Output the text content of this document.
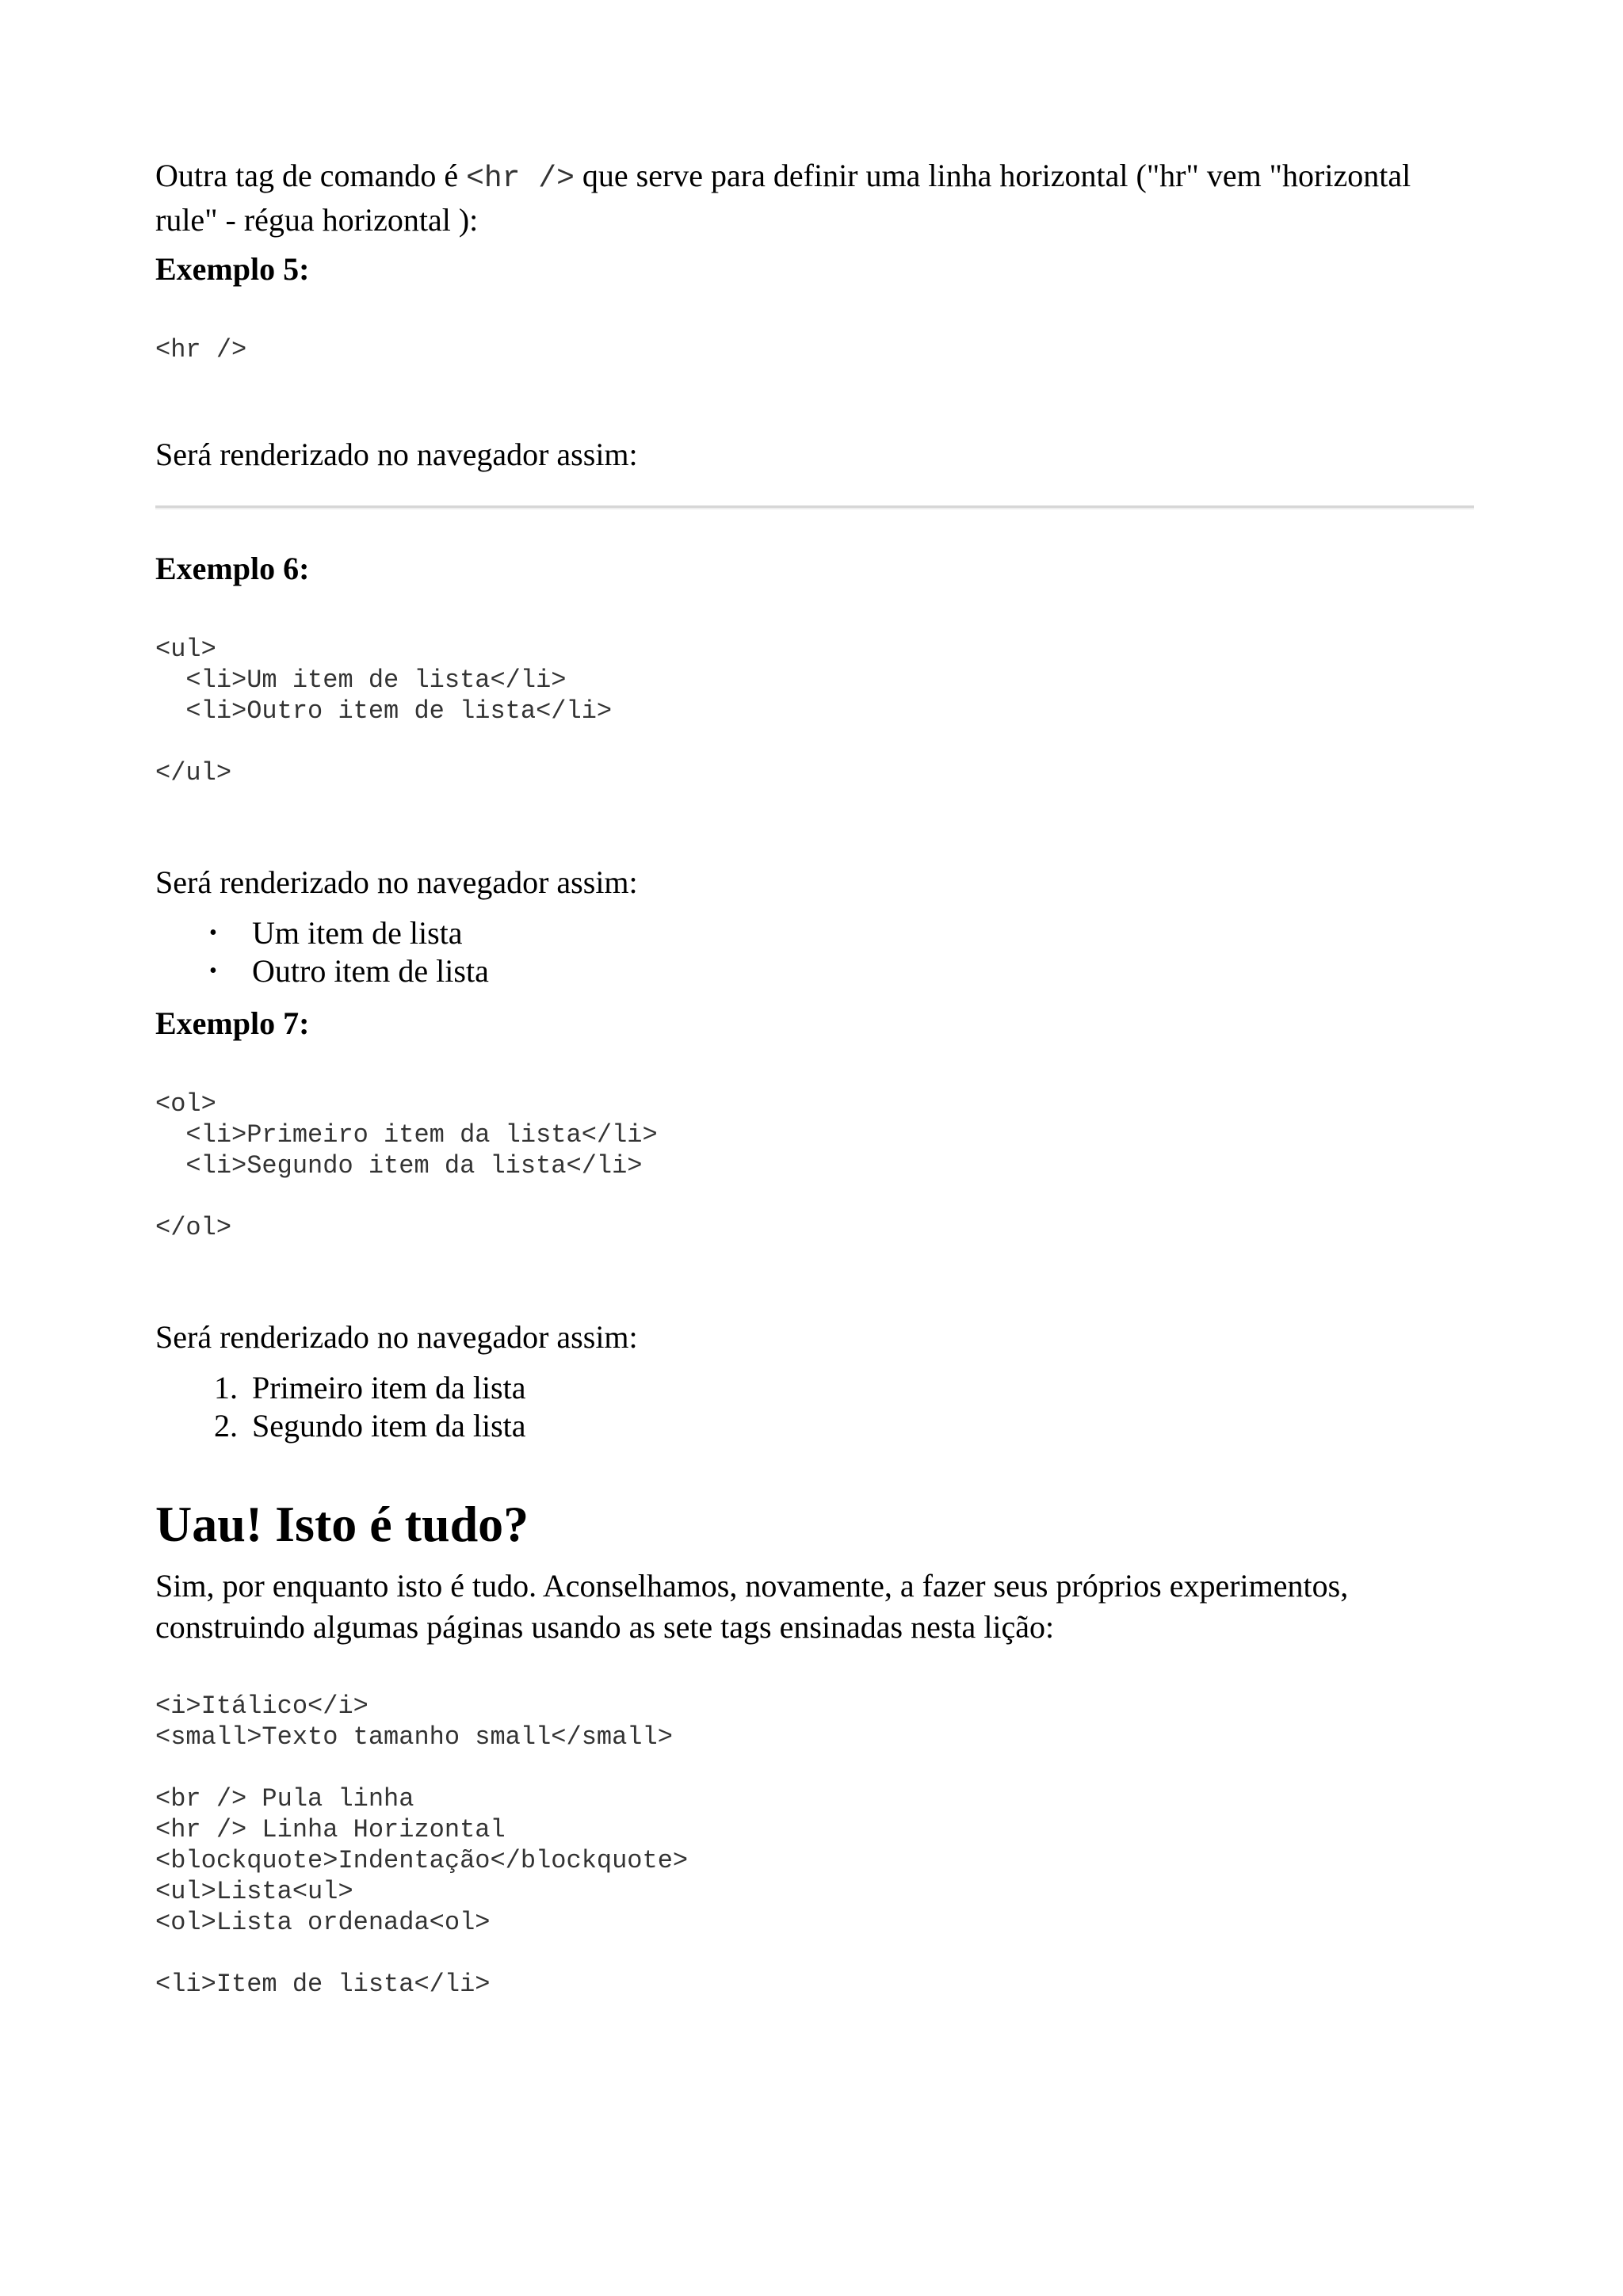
Outra tag de comando é <hr /> que serve para definir uma linha horizontal ("hr" vem "horizontal

rule" - régua horizontal ):

Exemplo 5:
<hr />

Será renderizado no navegador assim:

Exemplo 6:
<ul>
<li>Um item de lista</li>
<li>Outro item de lista</li>

</ul>

Será renderizado no navegador assim:

• Um item de lista
• Outro item de lista
Exemplo 7:
<ol>
<li>Primeiro item da lista</li>
<li>Segundo item da lista</li>

</ol>

Será renderizado no navegador assim:

1. Primeiro item da lista
2. Segundo item da lista
Uau! Isto é tudo?

Sim, por enquanto isto é tudo. Aconselhamos, novamente, a fazer seus próprios experimentos,

construindo algumas páginas usando as sete tags ensinadas nesta lição:

<i>Itálico</i>
<small>Texto tamanho small</small>

<br /> Pula linha
<hr /> Linha Horizontal
<blockquote>Indentação</blockquote>
<ul>Lista<ul>
<ol>Lista ordenada<ol>

<li>Item de lista</li>
